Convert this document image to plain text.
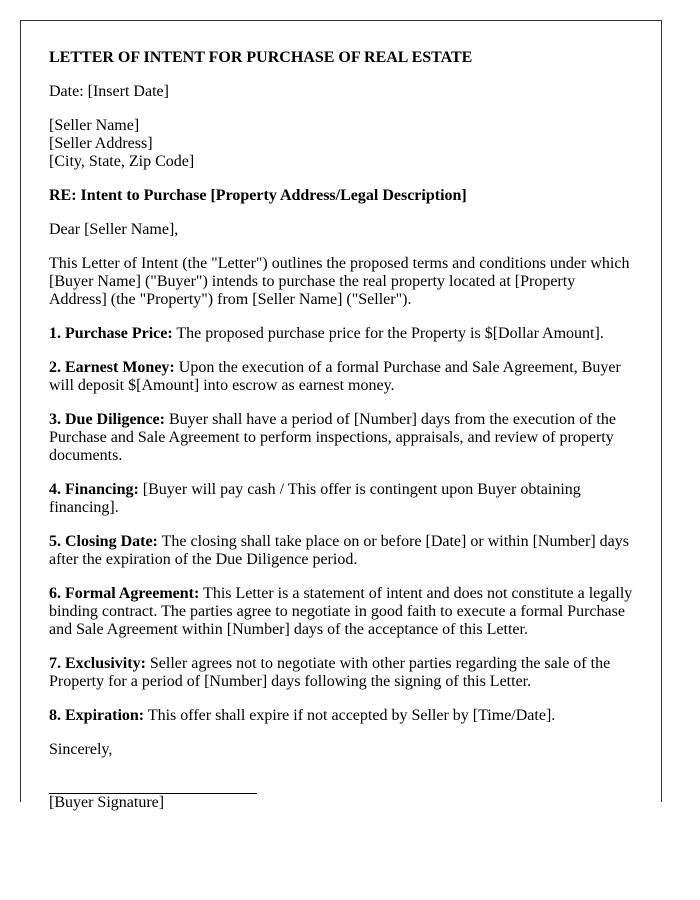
LETTER OF INTENT FOR PURCHASE OF REAL ESTATE

Date: [Insert Date]

[Seller Name]
[Seller Address]
[City, State, Zip Code]

RE: Intent to Purchase [Property Address/Legal Description]

Dear [Seller Name],

This Letter of Intent (the "Letter") outlines the proposed terms and conditions under which [Buyer Name] ("Buyer") intends to purchase the real property located at [Property Address] (the "Property") from [Seller Name] ("Seller").

1. Purchase Price: The proposed purchase price for the Property is $[Dollar Amount].

2. Earnest Money: Upon the execution of a formal Purchase and Sale Agreement, Buyer will deposit $[Amount] into escrow as earnest money.

3. Due Diligence: Buyer shall have a period of [Number] days from the execution of the Purchase and Sale Agreement to perform inspections, appraisals, and review of property documents.

4. Financing: [Buyer will pay cash / This offer is contingent upon Buyer obtaining financing].

5. Closing Date: The closing shall take place on or before [Date] or within [Number] days after the expiration of the Due Diligence period.

6. Formal Agreement: This Letter is a statement of intent and does not constitute a legally binding contract. The parties agree to negotiate in good faith to execute a formal Purchase and Sale Agreement within [Number] days of the acceptance of this Letter.

7. Exclusivity: Seller agrees not to negotiate with other parties regarding the sale of the Property for a period of [Number] days following the signing of this Letter.

8. Expiration: This offer shall expire if not accepted by Seller by [Time/Date].

Sincerely,

[Buyer Signature]
